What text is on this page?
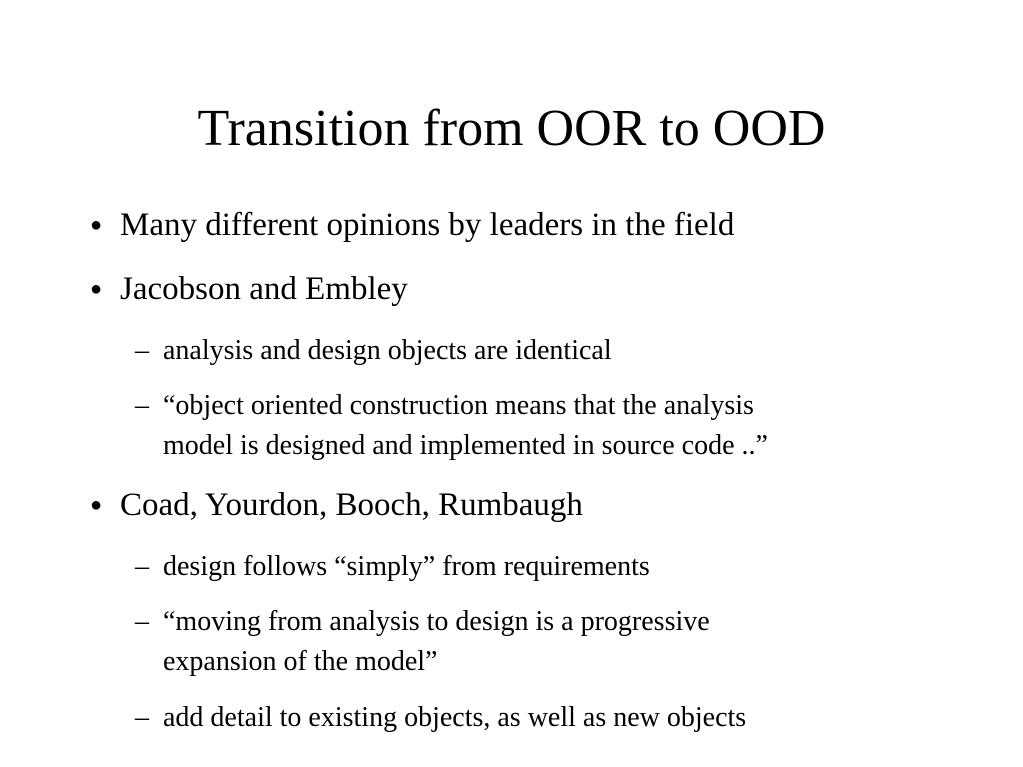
Transition from OOR to OOD
● Many different opinions by leaders in the field
● Jacobson and Embley
– analysis and design objects are identical
– “object oriented construction means that the analysis
model is designed and implemented in source code ..”
● Coad, Yourdon, Booch, Rumbaugh
– design follows “simply” from requirements
– “moving from analysis to design is a progressive
expansion of the model”
– add detail to existing objects, as well as new objects
